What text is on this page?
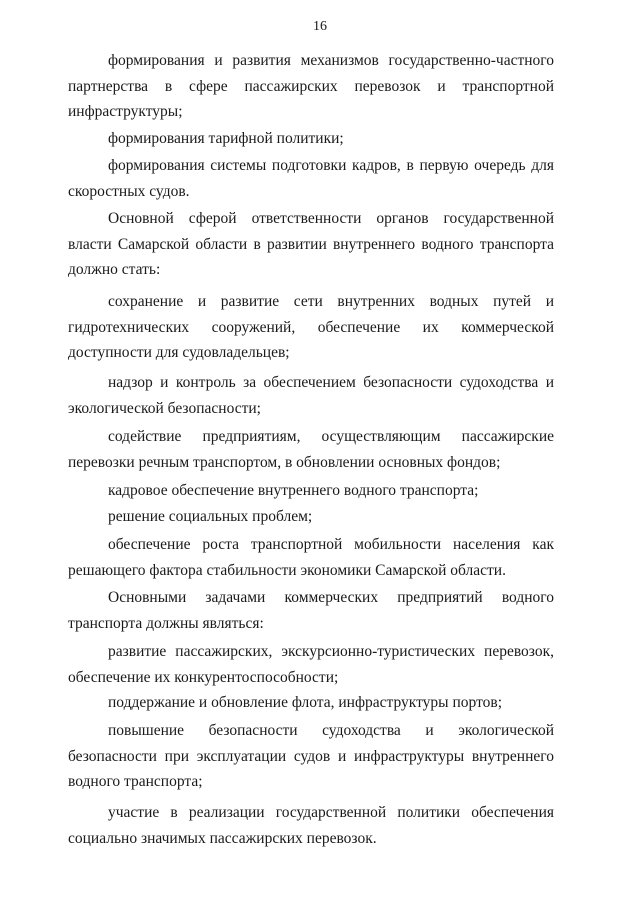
16

формирования и развития механизмов государственно-частного партнерства в сфере пассажирских перевозок и транспортной инфраструктуры;

формирования тарифной политики;

формирования системы подготовки кадров, в первую очередь для скоростных судов.

Основной сферой ответственности органов государственной власти Самарской области в развитии внутреннего водного транспорта должно стать:

сохранение и развитие сети внутренних водных путей и гидротехнических сооружений, обеспечение их коммерческой доступности для судовладельцев;

надзор и контроль за обеспечением безопасности судоходства и экологической безопасности;

содействие предприятиям, осуществляющим пассажирские перевозки речным транспортом, в обновлении основных фондов;

кадровое обеспечение внутреннего водного транспорта;

решение социальных проблем;

обеспечение роста транспортной мобильности населения как решающего фактора стабильности экономики Самарской области.

Основными задачами коммерческих предприятий водного транспорта должны являться:

развитие пассажирских, экскурсионно-туристических перевозок, обеспечение их конкурентоспособности;

поддержание и обновление флота, инфраструктуры портов;

повышение безопасности судоходства и экологической безопасности при эксплуатации судов и инфраструктуры внутреннего водного транспорта;

участие в реализации государственной политики обеспечения социально значимых пассажирских перевозок.
